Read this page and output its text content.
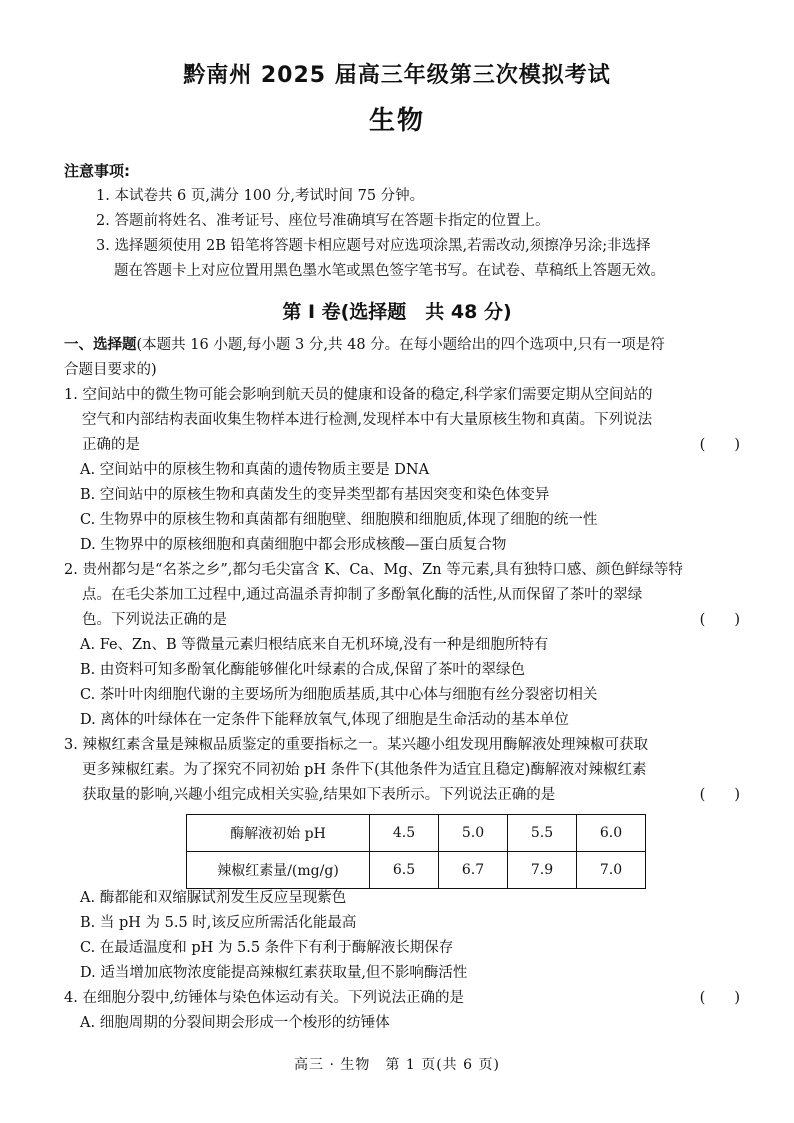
黔南州 2025 届高三年级第三次模拟考试
生物
注意事项:
1. 本试卷共 6 页,满分 100 分,考试时间 75 分钟。
2. 答题前将姓名、准考证号、座位号准确填写在答题卡指定的位置上。
3. 选择题须使用 2B 铅笔将答题卡相应题号对应选项涂黑,若需改动,须擦净另涂;非选择
题在答题卡上对应位置用黑色墨水笔或黑色签字笔书写。在试卷、草稿纸上答题无效。
第 Ⅰ 卷(选择题　共 48 分)
一、选择题(本题共 16 小题,每小题 3 分,共 48 分。在每小题给出的四个选项中,只有一项是符
合题目要求的)
1. 空间站中的微生物可能会影响到航天员的健康和设备的稳定,科学家们需要定期从空间站的
空气和内部结构表面收集生物样本进行检测,发现样本中有大量原核生物和真菌。下列说法
正确的是	(　　)
A. 空间站中的原核生物和真菌的遗传物质主要是 DNA
B. 空间站中的原核生物和真菌发生的变异类型都有基因突变和染色体变异
C. 生物界中的原核生物和真菌都有细胞壁、细胞膜和细胞质,体现了细胞的统一性
D. 生物界中的原核细胞和真菌细胞中都会形成核酸—蛋白质复合物
2. 贵州都匀是“名茶之乡”,都匀毛尖富含 K、Ca、Mg、Zn 等元素,具有独特口感、颜色鲜绿等特
点。在毛尖茶加工过程中,通过高温杀青抑制了多酚氧化酶的活性,从而保留了茶叶的翠绿
色。下列说法正确的是	(　　)
A. Fe、Zn、B 等微量元素归根结底来自无机环境,没有一种是细胞所特有
B. 由资料可知多酚氧化酶能够催化叶绿素的合成,保留了茶叶的翠绿色
C. 茶叶叶肉细胞代谢的主要场所为细胞质基质,其中心体与细胞有丝分裂密切相关
D. 离体的叶绿体在一定条件下能释放氧气,体现了细胞是生命活动的基本单位
3. 辣椒红素含量是辣椒品质鉴定的重要指标之一。某兴趣小组发现用酶解液处理辣椒可获取
更多辣椒红素。为了探究不同初始 pH 条件下(其他条件为适宜且稳定)酶解液对辣椒红素
获取量的影响,兴趣小组完成相关实验,结果如下表所示。下列说法正确的是	(　　)
酶解液初始 pH	4.5	5.0	5.5	6.0
辣椒红素量/(mg/g)	6.5	6.7	7.9	7.0
A. 酶都能和双缩脲试剂发生反应呈现紫色
B. 当 pH 为 5.5 时,该反应所需活化能最高
C. 在最适温度和 pH 为 5.5 条件下有利于酶解液长期保存
D. 适当增加底物浓度能提高辣椒红素获取量,但不影响酶活性
4. 在细胞分裂中,纺锤体与染色体运动有关。下列说法正确的是	(　　)
A. 细胞周期的分裂间期会形成一个梭形的纺锤体
高三 · 生物　第 1 页(共 6 页)
